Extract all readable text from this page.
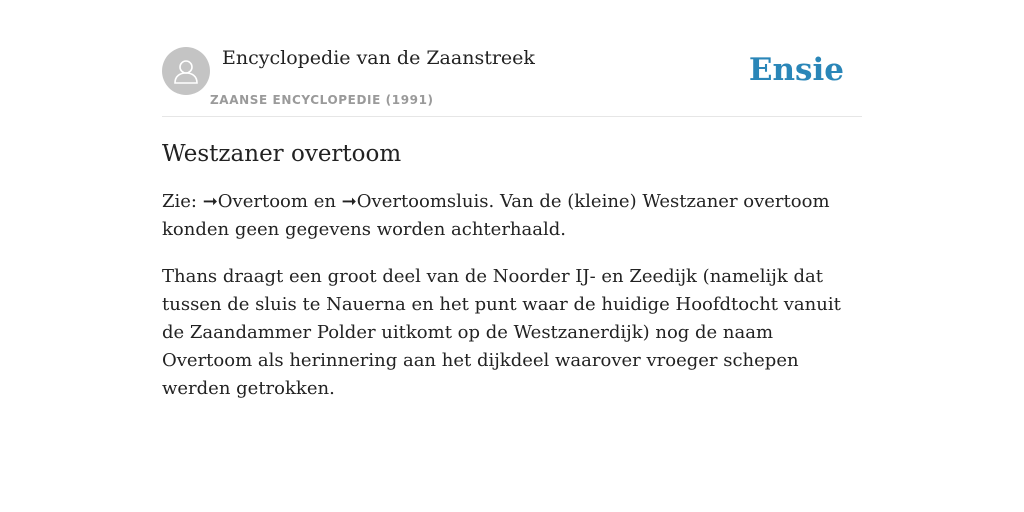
Encyclopedie van de Zaanstreek
ZAANSE ENCYCLOPEDIE (1991)
Ensie
Westzaner overtoom

Zie: ➞Overtoom en ➞Overtoomsluis. Van de (kleine) Westzaner overtoom konden geen gegevens worden achterhaald.

Thans draagt een groot deel van de Noorder IJ- en Zeedijk (namelijk dat tussen de sluis te Nauerna en het punt waar de huidige Hoofdtocht vanuit de Zaandammer Polder uitkomt op de Westzanerdijk) nog de naam Overtoom als herinnering aan het dijkdeel waarover vroeger schepen werden getrokken.
